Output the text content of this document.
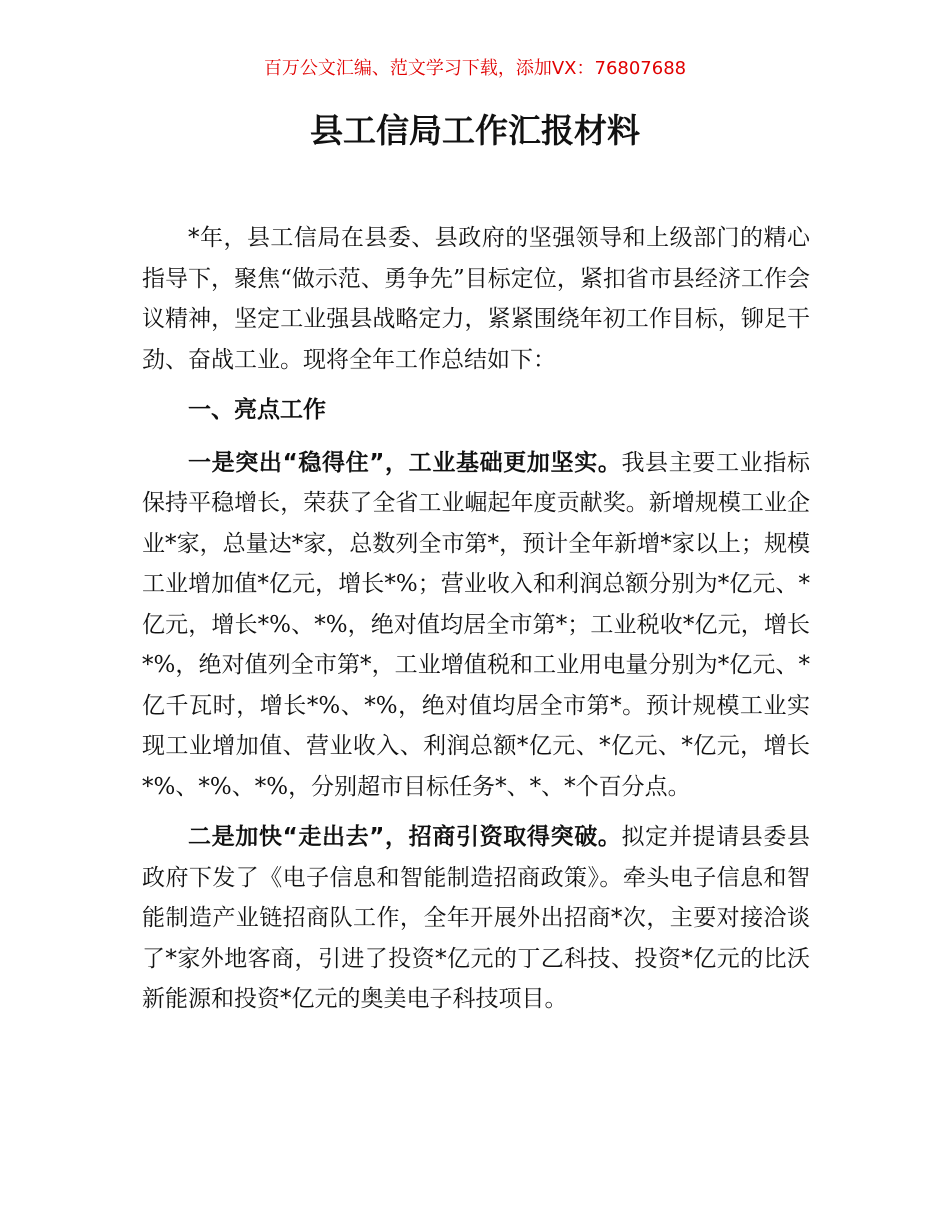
百万公文汇编、范文学习下载，添加VX：76807688
县工信局工作汇报材料

*年，县工信局在县委、县政府的坚强领导和上级部门的精心指导下，聚焦“做示范、勇争先”目标定位，紧扣省市县经济工作会议精神，坚定工业强县战略定力，紧紧围绕年初工作目标，铆足干劲、奋战工业。现将全年工作总结如下：

一、亮点工作

一是突出“稳得住”，工业基础更加坚实。我县主要工业指标保持平稳增长，荣获了全省工业崛起年度贡献奖。新增规模工业企业*家，总量达*家，总数列全市第*，预计全年新增*家以上；规模工业增加值*亿元，增长*%；营业收入和利润总额分别为*亿元、*亿元，增长*%、*%，绝对值均居全市第*；工业税收*亿元，增长*%，绝对值列全市第*，工业增值税和工业用电量分别为*亿元、*亿千瓦时，增长*%、*%，绝对值均居全市第*。预计规模工业实现工业增加值、营业收入、利润总额*亿元、*亿元、*亿元，增长*%、*%、*%，分别超市目标任务*、*、*个百分点。

二是加快“走出去”，招商引资取得突破。拟定并提请县委县政府下发了《电子信息和智能制造招商政策》。牵头电子信息和智能制造产业链招商队工作，全年开展外出招商*次，主要对接洽谈了*家外地客商，引进了投资*亿元的丁乙科技、投资*亿元的比沃新能源和投资*亿元的奥美电子科技项目。
